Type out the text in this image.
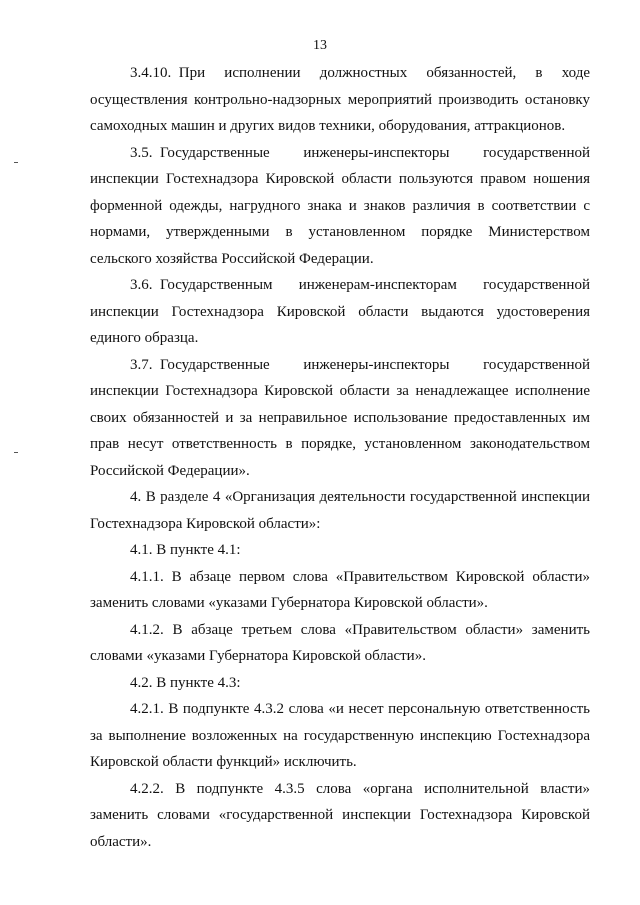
13

3.4.10. При исполнении должностных обязанностей, в ходе осуществления контрольно-надзорных мероприятий производить остановку самоходных машин и других видов техники, оборудования, аттракционов.

3.5. Государственные инженеры-инспекторы государственной инспекции Гостехнадзора Кировской области пользуются правом ношения форменной одежды, нагрудного знака и знаков различия в соответствии с нормами, утвержденными в установленном порядке Министерством сельского хозяйства Российской Федерации.

3.6. Государственным инженерам-инспекторам государственной инспекции Гостехнадзора Кировской области выдаются удостоверения единого образца.

3.7. Государственные инженеры-инспекторы государственной инспекции Гостехнадзора Кировской области за ненадлежащее исполнение своих обязанностей и за неправильное использование предоставленных им прав несут ответственность в порядке, установленном законодательством Российской Федерации».

4. В разделе 4 «Организация деятельности государственной инспекции Гостехнадзора Кировской области»:

4.1. В пункте 4.1:

4.1.1. В абзаце первом слова «Правительством Кировской области» заменить словами «указами Губернатора Кировской области».

4.1.2. В абзаце третьем слова «Правительством области» заменить словами «указами Губернатора Кировской области».

4.2. В пункте 4.3:

4.2.1. В подпункте 4.3.2 слова «и несет персональную ответственность за выполнение возложенных на государственную инспекцию Гостехнадзора Кировской области функций» исключить.

4.2.2. В подпункте 4.3.5 слова «органа исполнительной власти» заменить словами «государственной инспекции Гостехнадзора Кировской области».
